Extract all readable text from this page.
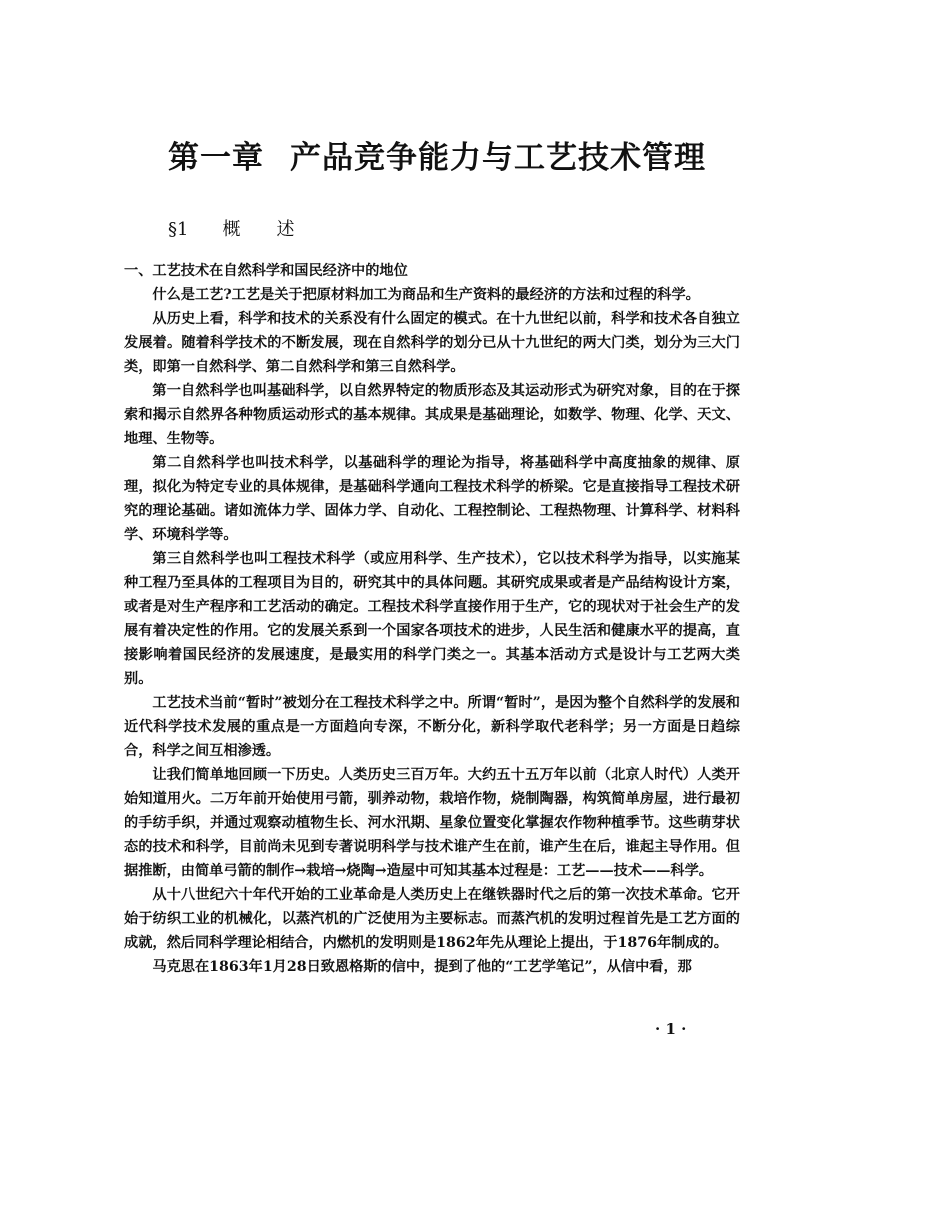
第一章 产品竞争能力与工艺技术管理
§1 概述

一、工艺技术在自然科学和国民经济中的地位

什么是工艺?工艺是关于把原材料加工为商品和生产资料的最经济的方法和过程的科学。

从历史上看，科学和技术的关系没有什么固定的模式。在十九世纪以前，科学和技术各自独立发展着。随着科学技术的不断发展，现在自然科学的划分已从十九世纪的两大门类，划分为三大门类，即第一自然科学、第二自然科学和第三自然科学。

第一自然科学也叫基础科学，以自然界特定的物质形态及其运动形式为研究对象，目的在于探索和揭示自然界各种物质运动形式的基本规律。其成果是基础理论，如数学、物理、化学、天文、地理、生物等。

第二自然科学也叫技术科学，以基础科学的理论为指导，将基础科学中高度抽象的规律、原理，拟化为特定专业的具体规律，是基础科学通向工程技术科学的桥梁。它是直接指导工程技术研究的理论基础。诸如流体力学、固体力学、自动化、工程控制论、工程热物理、计算科学、材料科学、环境科学等。

第三自然科学也叫工程技术科学（或应用科学、生产技术），它以技术科学为指导，以实施某种工程乃至具体的工程项目为目的，研究其中的具体问题。其研究成果或者是产品结构设计方案，或者是对生产程序和工艺活动的确定。工程技术科学直接作用于生产，它的现状对于社会生产的发展有着决定性的作用。它的发展关系到一个国家各项技术的进步，人民生活和健康水平的提高，直接影响着国民经济的发展速度，是最实用的科学门类之一。其基本活动方式是设计与工艺两大类别。

工艺技术当前“暂时”被划分在工程技术科学之中。所谓“暂时”，是因为整个自然科学的发展和近代科学技术发展的重点是一方面趋向专深，不断分化，新科学取代老科学；另一方面是日趋综合，科学之间互相渗透。

让我们简单地回顾一下历史。人类历史三百万年。大约五十五万年以前（北京人时代）人类开始知道用火。二万年前开始使用弓箭，驯养动物，栽培作物，烧制陶器，构筑简单房屋，进行最初的手纺手织，并通过观察动植物生长、河水汛期、星象位置变化掌握农作物种植季节。这些萌芽状态的技术和科学，目前尚未见到专著说明科学与技术谁产生在前，谁产生在后，谁起主导作用。但据推断，由简单弓箭的制作→栽培→烧陶→造屋中可知其基本过程是：工艺——技术——科学。

从十八世纪六十年代开始的工业革命是人类历史上在继铁器时代之后的第一次技术革命。它开始于纺织工业的机械化，以蒸汽机的广泛使用为主要标志。而蒸汽机的发明过程首先是工艺方面的成就，然后同科学理论相结合，内燃机的发明则是1862年先从理论上提出，于1876年制成的。

马克思在1863年1月28日致恩格斯的信中，提到了他的“工艺学笔记”，从信中看，那

· 1 ·
